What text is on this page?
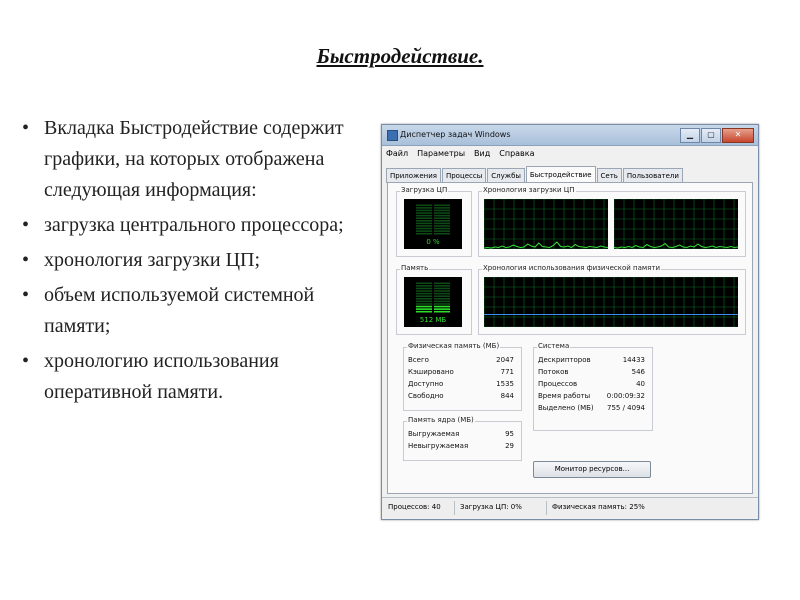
Быстродействие.
• Вкладка Быстродействие содержит графики, на которых отображена следующая информация:
• загрузка центрального процессора;
• хронология загрузки ЦП;
• объем используемой системной памяти;
• хронологию использования оперативной памяти.
Диспетчер задач Windows	▁	▢	✕
Файл Параметры Вид Справка
Приложения	Процессы	Службы	Быстродействие	Сеть	Пользователи
Загрузка ЦП
0 %
Хронология загрузки ЦП
Память
512 МБ
Хронология использования физической памяти
Физическая память (МБ)
Всего	2047
Кэшировано	771
Доступно	1535
Свободно	844
Память ядра (МБ)
Выгружаемая	95
Невыгружаемая	29
Система
Дескрипторов	14433
Потоков	546
Процессов	40
Время работы	0:00:09:32
Выделено (МБ)	755 / 4094
Монитор ресурсов...
Процессов: 40	Загрузка ЦП: 0%	Физическая память: 25%
